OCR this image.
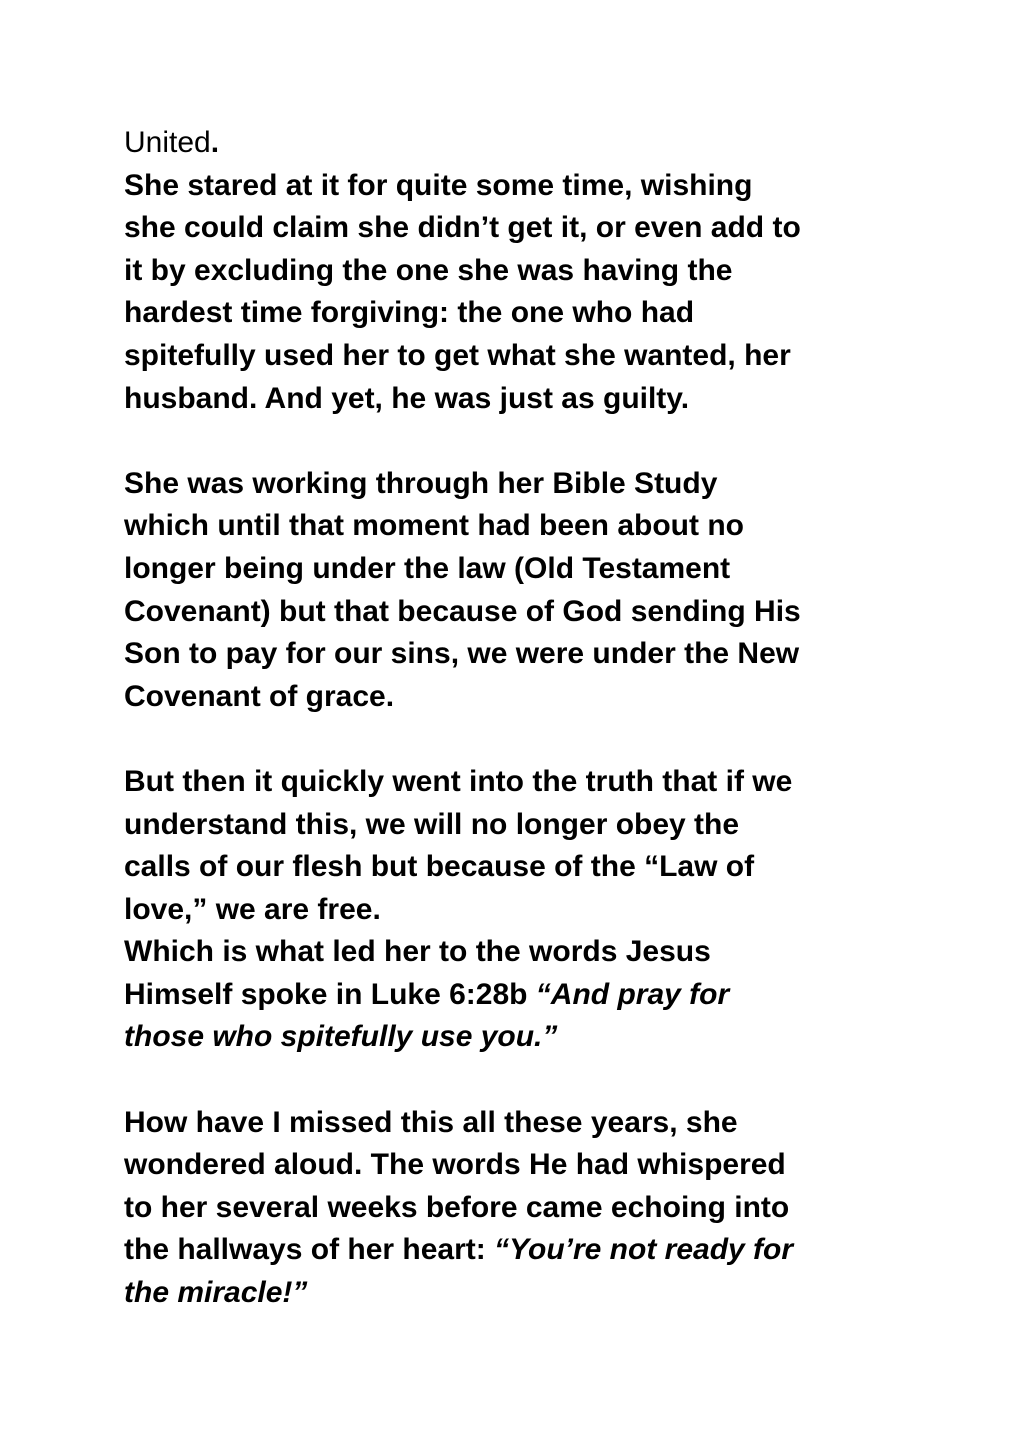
United.
She stared at it for quite some time, wishing
she could claim she didn’t get it, or even add to
it by excluding the one she was having the
hardest time forgiving: the one who had
spitefully used her to get what she wanted, her
husband. And yet, he was just as guilty.
She was working through her Bible Study
which until that moment had been about no
longer being under the law (Old Testament
Covenant) but that because of God sending His
Son to pay for our sins, we were under the New
Covenant of grace.
But then it quickly went into the truth that if we
understand this, we will no longer obey the
calls of our flesh but because of the “Law of
love,” we are free.
Which is what led her to the words Jesus
Himself spoke in Luke 6:28b “And pray for
those who spitefully use you.”
How have I missed this all these years, she
wondered aloud. The words He had whispered
to her several weeks before came echoing into
the hallways of her heart: “You’re not ready for
the miracle!”
